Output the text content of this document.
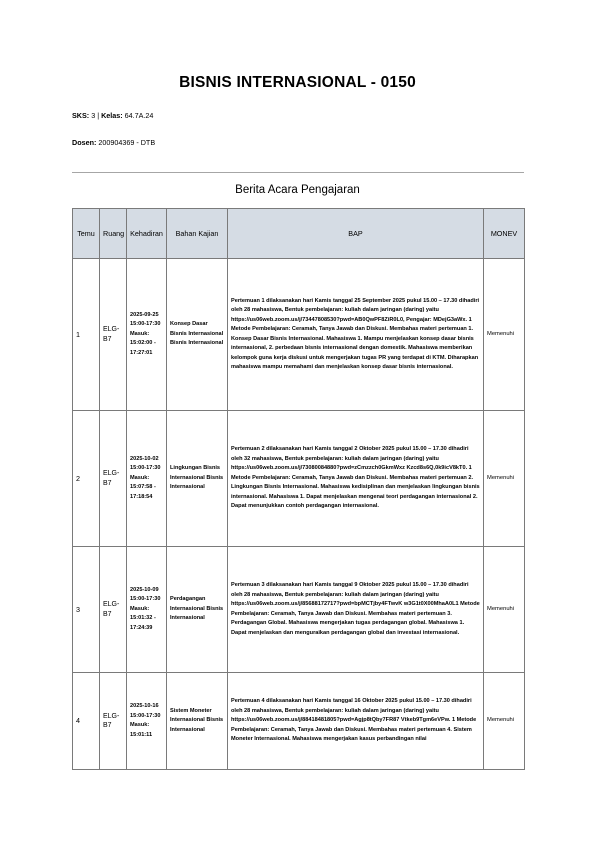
BISNIS INTERNASIONAL - 0150
SKS: 3 | Kelas: 64.7A.24
Dosen: 200904369 - DTB
Berita Acara Pengajaran
Temu	Ruang	Kehadiran	Bahan Kajian	BAP	MONEV
1	ELG-B7	2025-09-25 15:00-17:30 Masuk: 15:02:00 - 17:27:01	Konsep Dasar Bisnis Internasional Bisnis Internasional	Pertemuan 1 dilaksanakan hari Kamis tanggal 25 September 2025 pukul 15.00 – 17.30 dihadiri oleh 28 mahasiswa, Bentuk pembelajaran: kuliah dalam jaringan (daring) yaitu https://us06web.zoom.us/j/73447808530?pwd=AB0QwPF8ZiR0L0, Pengajar: MDejG3aWx. 1 Metode Pembelajaran: Ceramah, Tanya Jawab dan Diskusi. Membahas materi pertemuan 1. Konsep Dasar Bisnis Internasional. Mahasiswa 1. Mampu menjelaskan konsep dasar bisnis internasional, 2. perbedaan bisnis internasional dengan domestik. Mahasiswa memberikan kelompok guna kerja diskusi untuk mengerjakan tugas PR yang terdapat di KTM. Diharapkan mahasiswa mampu memahami dan menjelaskan konsep dasar bisnis internasional.	Memenuhi
2	ELG-B7	2025-10-02 15:00-17:30 Masuk: 15:07:58 - 17:18:54	Lingkungan Bisnis Internasional Bisnis Internasional	Pertemuan 2 dilaksanakan hari Kamis tanggal 2 Oktober 2025 pukul 15.00 – 17.30 dihadiri oleh 32 mahasiswa, Bentuk pembelajaran: kuliah dalam jaringan (daring) yaitu https://us06web.zoom.us/j/73080084880?pwd=zCmzzch0GkmWxz Kzcd8s6Q,0k9icV8kT0. 1 Metode Pembelajaran: Ceramah, Tanya Jawab dan Diskusi. Membahas materi pertemuan 2. Lingkungan Bisnis Internasional. Mahasiswa kedisiplinan dan menjelaskan lingkungan bisnis internasional. Mahasiswa 1. Dapat menjelaskan mengenai teori perdagangan internasional 2. Dapat menunjukkan contoh perdagangan internasional.	Memenuhi
3	ELG-B7	2025-10-09 15:00-17:30 Masuk: 15:01:32 - 17:24:39	Perdagangan Internasional Bisnis Internasional	Pertemuan 3 dilaksanakan hari Kamis tanggal 9 Oktober 2025 pukul 15.00 – 17.30 dihadiri oleh 28 mahasiswa, Bentuk pembelajaran: kuliah dalam jaringan (daring) yaitu https://us06web.zoom.us/j/85688172717?pwd=bpMCTjby4FTwvK w3G1t0X00MhaA0L1 Metode Pembelajaran: Ceramah, Tanya Jawab dan Diskusi. Membahas materi pertemuan 3. Perdagangan Global. Mahasiswa mengerjakan tugas perdagangan global. Mahasiswa 1. Dapat menjelaskan dan menguraikan perdagangan global dan investasi internasional.	Memenuhi
4	ELG-B7	2025-10-16 15:00-17:30 Masuk: 15:01:11	Sistem Moneter Internasional Bisnis Internasional	Pertemuan 4 dilaksanakan hari Kamis tanggal 16 Oktober 2025 pukul 15.00 – 17.30 dihadiri oleh 28 mahasiswa, Bentuk pembelajaran: kuliah dalam jaringan (daring) yaitu https://us06web.zoom.us/j/88418481805?pwd=Agjp8tQby7FR87 Vtkeb9Tgm6eVPw. 1 Metode Pembelajaran: Ceramah, Tanya Jawab dan Diskusi. Membahas materi pertemuan 4. Sistem Moneter Internasional. Mahasiswa mengerjakan kasus perbandingan nilai	Memenuhi
